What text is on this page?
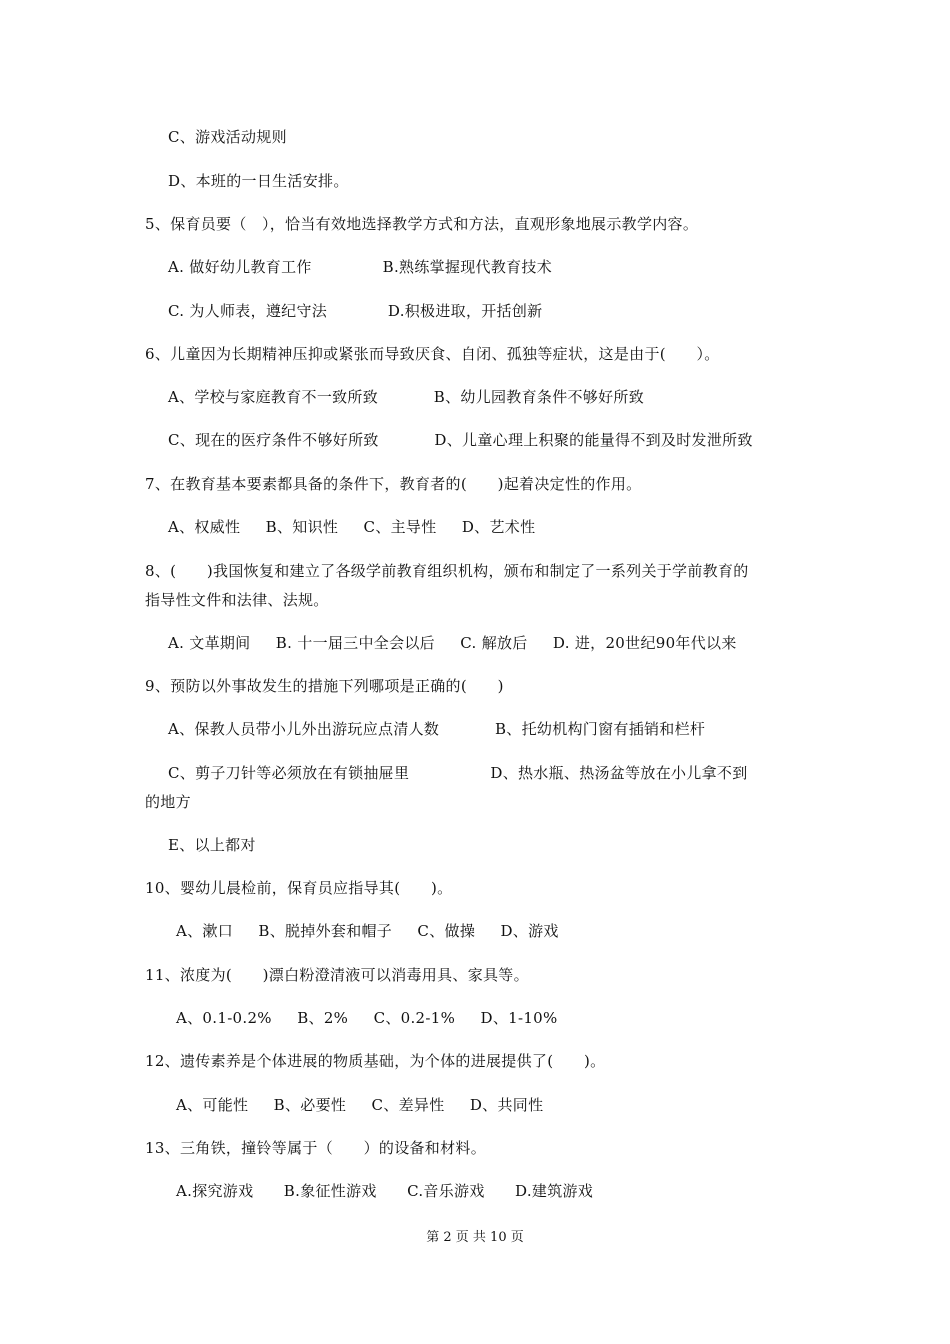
C、游戏活动规则
D、本班的一日生活安排。
5、保育员要（　），恰当有效地选择教学方式和方法，直观形象地展示教学内容。
A. 做好幼儿教育工作              B.熟练掌握现代教育技术
C. 为人师表，遵纪守法            D.积极进取，开括创新
6、儿童因为长期精神压抑或紧张而导致厌食、自闭、孤独等症状，这是由于(　　）。
A、学校与家庭教育不一致所致           B、幼儿园教育条件不够好所致
C、现在的医疗条件不够好所致           D、儿童心理上积聚的能量得不到及时发泄所致
7、在教育基本要素都具备的条件下，教育者的(　　)起着决定性的作用。
A、权威性     B、知识性     C、主导性     D、艺术性
8、(　　)我国恢复和建立了各级学前教育组织机构，颁布和制定了一系列关于学前教育的
指导性文件和法律、法规。
A. 文革期间     B. 十一届三中全会以后     C. 解放后     D. 进，20世纪90年代以来
9、预防以外事故发生的措施下列哪项是正确的(　　)
A、保教人员带小儿外出游玩应点清人数           B、托幼机构门窗有插销和栏杆
C、剪子刀针等必须放在有锁抽屉里                D、热水瓶、热汤盆等放在小儿拿不到
的地方
E、以上都对
10、婴幼儿晨检前，保育员应指导其(　　)。
A、漱口     B、脱掉外套和帽子     C、做操     D、游戏
11、浓度为(　　)漂白粉澄清液可以消毒用具、家具等。
A、0.1-0.2%     B、2%     C、0.2-1%     D、1-10%
12、遗传素养是个体进展的物质基础，为个体的进展提供了(　　)。
A、可能性     B、必要性     C、差异性     D、共同性
13、三角铁，撞铃等属于（　　）的设备和材料。
A.探究游戏      B.象征性游戏      C.音乐游戏      D.建筑游戏
第 2 页 共 10 页
